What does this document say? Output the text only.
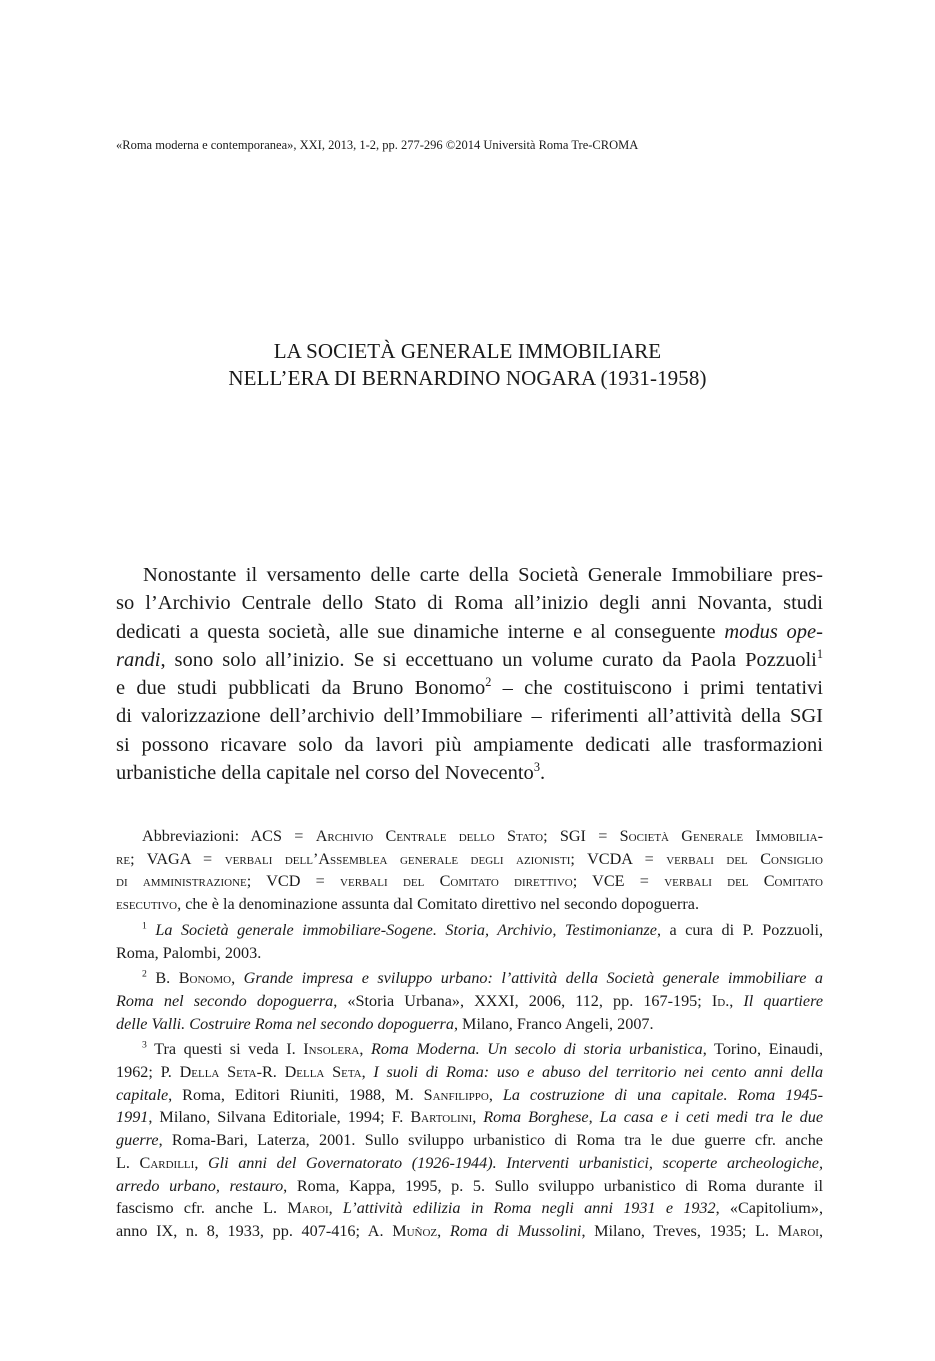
«Roma moderna e contemporanea», XXI, 2013, 1-2, pp. 277-296 ©2014 Università Roma Tre-CROMA
LA SOCIETÀ GENERALE IMMOBILIARE
NELL’ERA DI BERNARDINO NOGARA (1931-1958)
Nonostante il versamento delle carte della Società Generale Immobiliare pres-
so l’Archivio Centrale dello Stato di Roma all’inizio degli anni Novanta, studi
dedicati a questa società, alle sue dinamiche interne e al conseguente modus ope-
randi, sono solo all’inizio. Se si eccettuano un volume curato da Paola Pozzuoli$^1$
e due studi pubblicati da Bruno Bonomo$^2$ – che costituiscono i primi tentativi
di valorizzazione dell’archivio dell’Immobiliare – riferimenti all’attività della SGI
si possono ricavare solo da lavori più ampiamente dedicati alle trasformazioni
urbanistiche della capitale nel corso del Novecento$^3$.
Abbreviazioni: ACS = Archivio Centrale dello Stato; SGI = Società Generale Immobilia-
re; VAGA = verbali dell’Assemblea generale degli azionisti; VCDA = verbali del Consiglio
di amministrazione; VCD = verbali del Comitato direttivo; VCE = verbali del Comitato
esecutivo, che è la denominazione assunta dal Comitato direttivo nel secondo dopoguerra.
$^1$ La Società generale immobiliare-Sogene. Storia, Archivio, Testimonianze, a cura di P. Pozzuoli,
Roma, Palombi, 2003.
$^2$ B. Bonomo, Grande impresa e sviluppo urbano: l’attività della Società generale immobiliare a
Roma nel secondo dopoguerra, «Storia Urbana», XXXI, 2006, 112, pp. 167-195; Id., Il quartiere
delle Valli. Costruire Roma nel secondo dopoguerra, Milano, Franco Angeli, 2007.
$^3$ Tra questi si veda I. Insolera, Roma Moderna. Un secolo di storia urbanistica, Torino, Einaudi,
1962; P. Della Seta-R. Della Seta, I suoli di Roma: uso e abuso del territorio nei cento anni della
capitale, Roma, Editori Riuniti, 1988, M. Sanfilippo, La costruzione di una capitale. Roma 1945-
1991, Milano, Silvana Editoriale, 1994; F. Bartolini, Roma Borghese, La casa e i ceti medi tra le due
guerre, Roma-Bari, Laterza, 2001. Sullo sviluppo urbanistico di Roma tra le due guerre cfr. anche
L. Cardilli, Gli anni del Governatorato (1926-1944). Interventi urbanistici, scoperte archeologiche,
arredo urbano, restauro, Roma, Kappa, 1995, p. 5. Sullo sviluppo urbanistico di Roma durante il
fascismo cfr. anche L. Maroi, L’attività edilizia in Roma negli anni 1931 e 1932, «Capitolium»,
anno IX, n. 8, 1933, pp. 407-416; A. Muñoz, Roma di Mussolini, Milano, Treves, 1935; L. Maroi,
